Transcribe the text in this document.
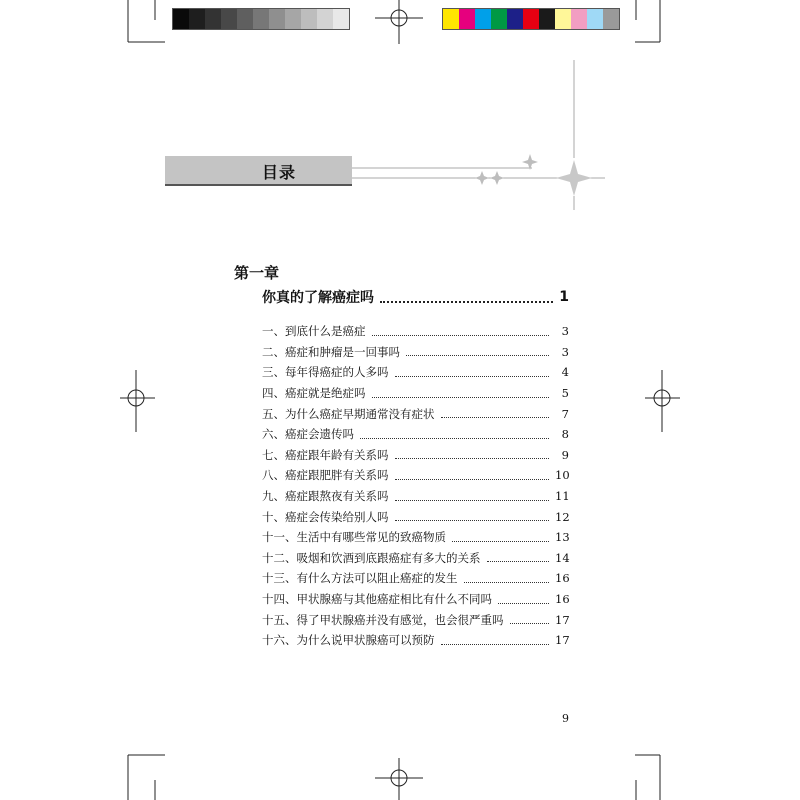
目录
第一章
你真的了解癌症吗	1
一、到底什么是癌症	3
二、癌症和肿瘤是一回事吗	3
三、每年得癌症的人多吗	4
四、癌症就是绝症吗	5
五、为什么癌症早期通常没有症状	7
六、癌症会遗传吗	8
七、癌症跟年龄有关系吗	9
八、癌症跟肥胖有关系吗	10
九、癌症跟熬夜有关系吗	11
十、癌症会传染给别人吗	12
十一、生活中有哪些常见的致癌物质	13
十二、吸烟和饮酒到底跟癌症有多大的关系	14
十三、有什么方法可以阻止癌症的发生	16
十四、甲状腺癌与其他癌症相比有什么不同吗	16
十五、得了甲状腺癌并没有感觉，也会很严重吗	17
十六、为什么说甲状腺癌可以预防	17
9
